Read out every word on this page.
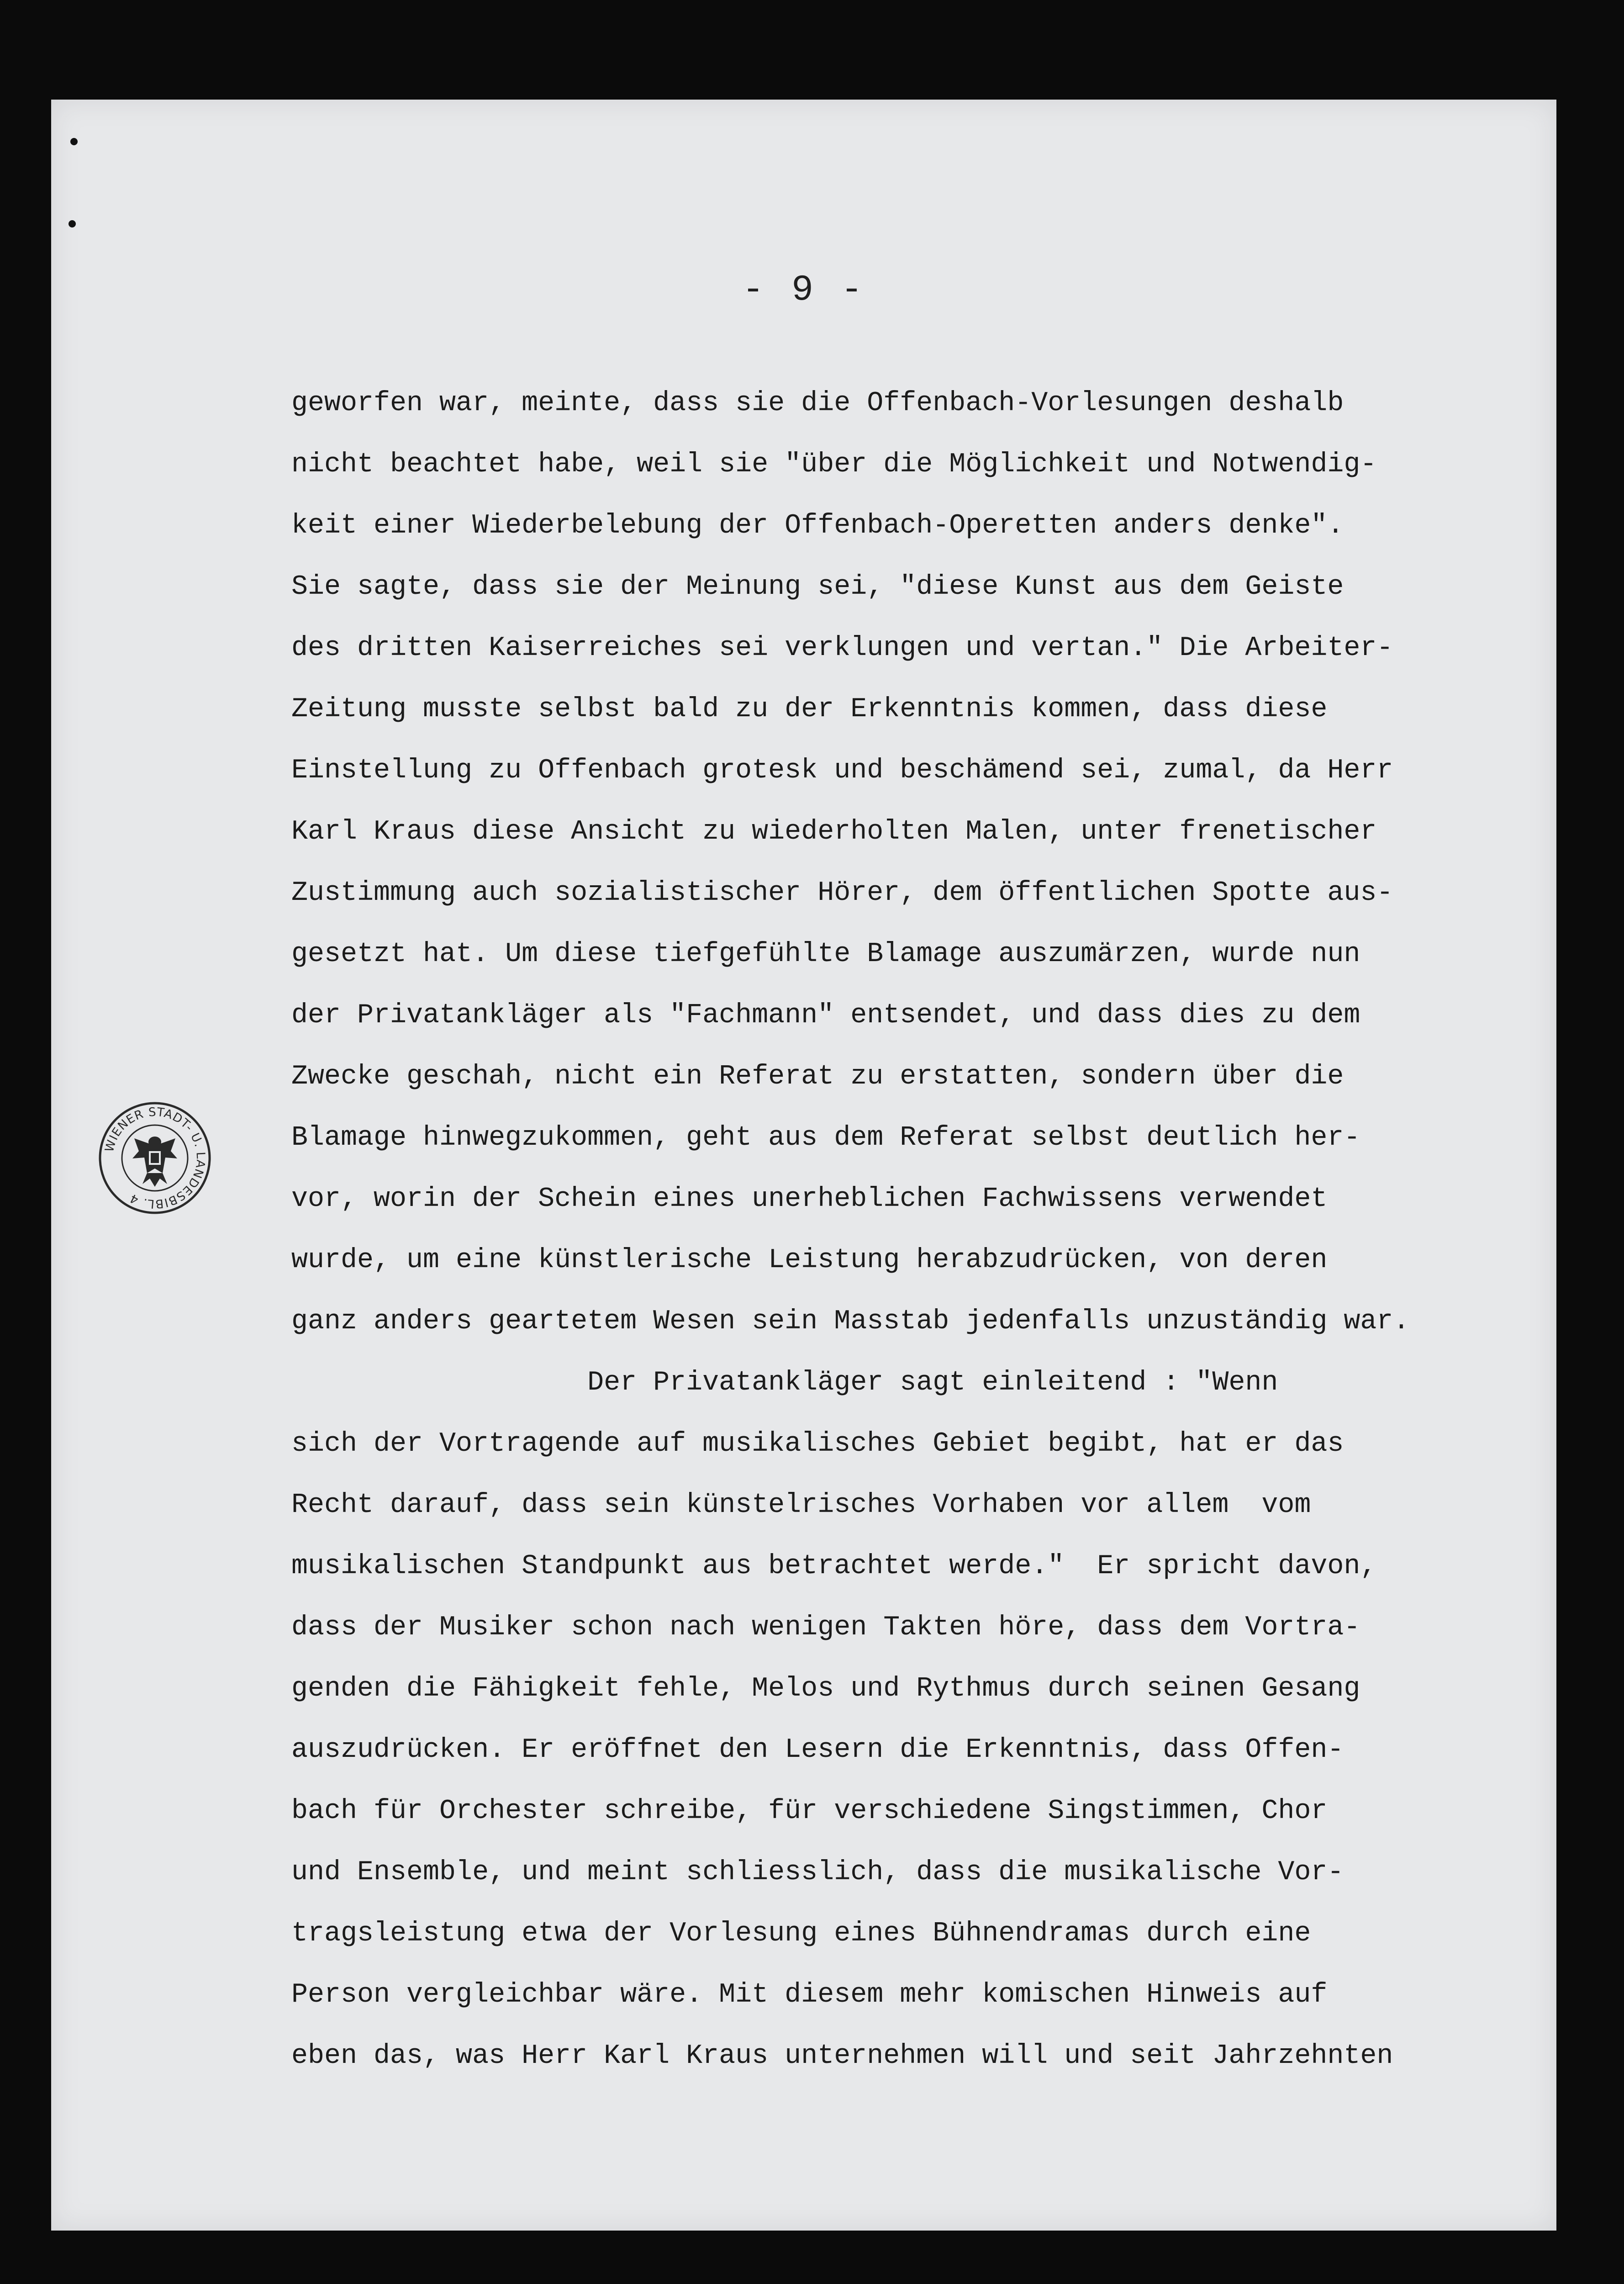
- 9 -
geworfen war, meinte, dass sie die Offenbach-Vorlesungen deshalb
nicht beachtet habe, weil sie "über die Möglichkeit und Notwendig-
keit einer Wiederbelebung der Offenbach-Operetten anders denke".
Sie sagte, dass sie der Meinung sei, "diese Kunst aus dem Geiste
des dritten Kaiserreiches sei verklungen und vertan." Die Arbeiter-
Zeitung musste selbst bald zu der Erkenntnis kommen, dass diese
Einstellung zu Offenbach grotesk und beschämend sei, zumal, da Herr
Karl Kraus diese Ansicht zu wiederholten Malen, unter frenetischer
Zustimmung auch sozialistischer Hörer, dem öffentlichen Spotte aus-
gesetzt hat. Um diese tiefgefühlte Blamage auszumärzen, wurde nun
der Privatankläger als "Fachmann" entsendet, und dass dies zu dem
Zwecke geschah, nicht ein Referat zu erstatten, sondern über die
Blamage hinwegzukommen, geht aus dem Referat selbst deutlich her-
vor, worin der Schein eines unerheblichen Fachwissens verwendet
wurde, um eine künstlerische Leistung herabzudrücken, von deren
ganz anders geartetem Wesen sein Masstab jedenfalls unzuständig war.
Der Privatankläger sagt einleitend : "Wenn
sich der Vortragende auf musikalisches Gebiet begibt, hat er das
Recht darauf, dass sein künstelrisches Vorhaben vor allem  vom
musikalischen Standpunkt aus betrachtet werde."  Er spricht davon,
dass der Musiker schon nach wenigen Takten höre, dass dem Vortra-
genden die Fähigkeit fehle, Melos und Rythmus durch seinen Gesang
auszudrücken. Er eröffnet den Lesern die Erkenntnis, dass Offen-
bach für Orchester schreibe, für verschiedene Singstimmen, Chor
und Ensemble, und meint schliesslich, dass die musikalische Vor-
tragsleistung etwa der Vorlesung eines Bühnendramas durch eine
Person vergleichbar wäre. Mit diesem mehr komischen Hinweis auf
eben das, was Herr Karl Kraus unternehmen will und seit Jahrzehnten
WIENER STADT- U. LANDESBIBL. 4
